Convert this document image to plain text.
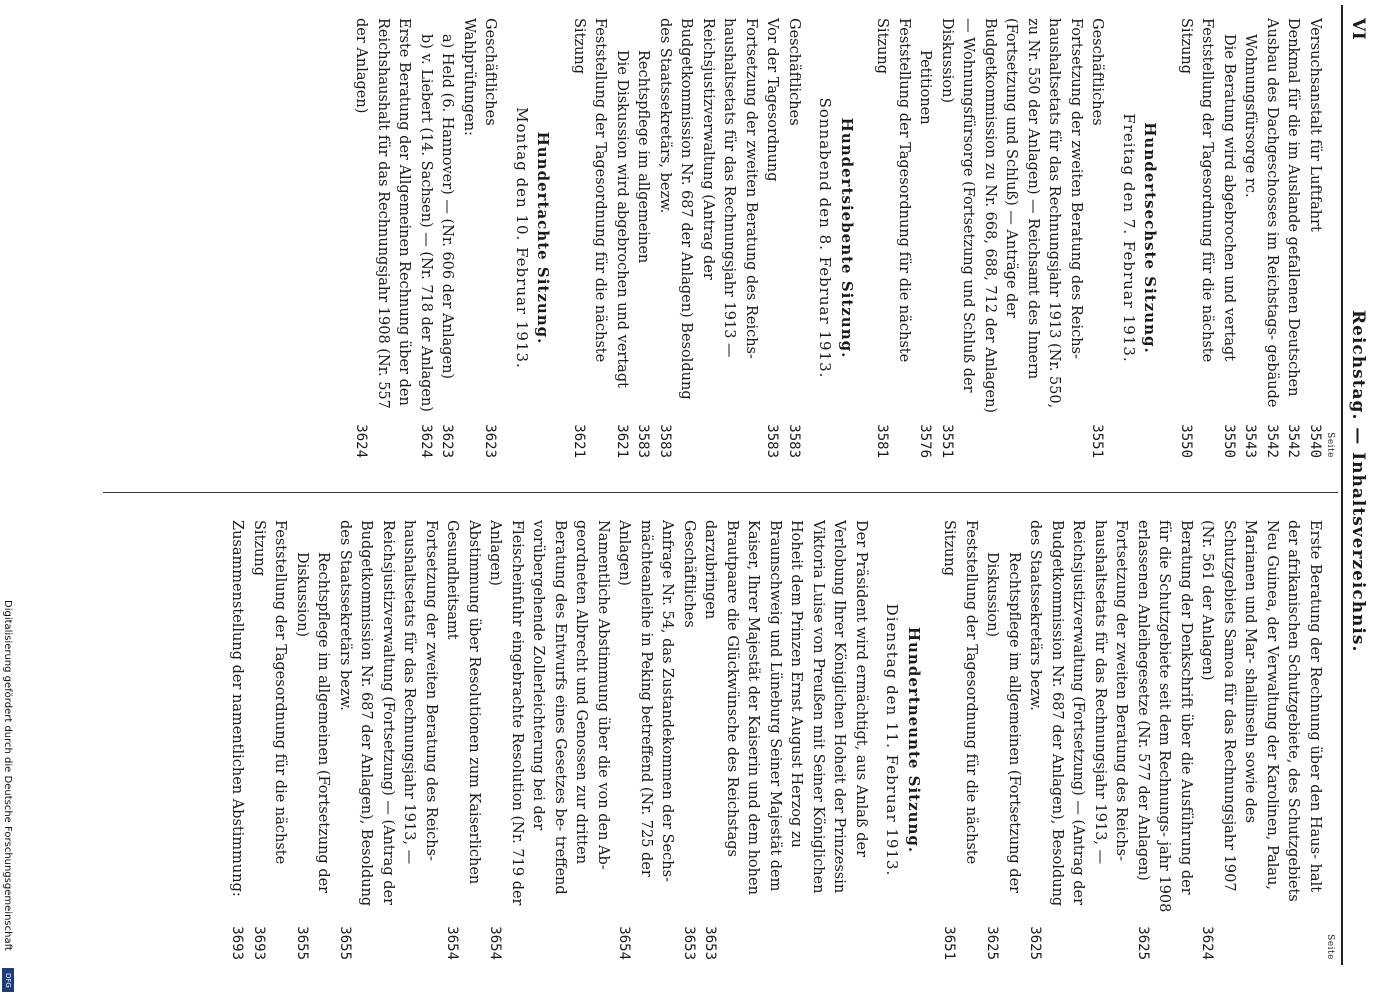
VI
Reichstag. — Inhaltsverzeichnis.
Seite
Versuchsanstalt für Luftfahrt
3540
Denkmal für die im Auslande gefallenen Deutschen
3542
Ausbau des Dachgeschosses im Reichstags- gebäude
3542
Wohnungsfürsorge rc.
3543
Die Beratung wird abgebrochen und vertagt
3550
Feststellung der Tagesordnung für die nächste Sitzung
3550
Hundertsechste Sitzung.
Freitag den 7. Februar 1913.
Geschäftliches
3551
Fortsetzung der zweiten Beratung des Reichs- haushaltsetats für das Rechnungsjahr 1913 (Nr. 550, zu Nr. 550 der Anlagen) — Reichsamt des Innern (Fortsetzung und Schluß) — Anträge der Budgetkommission zu Nr. 668, 688, 712 der Anlagen) — Wohnungsfürsorge (Fortsetzung und Schluß der Diskussion)
3551
Petitionen
3576
Feststellung der Tagesordnung für die nächste Sitzung
3581
Hundertsiebente Sitzung.
Sonnabend den 8. Februar 1913.
Geschäftliches
3583
Vor der Tagesordnung
3583
Fortsetzung der zweiten Beratung des Reichs- haushaltsetats für das Rechnungsjahr 1913 — Reichsjustizverwaltung (Antrag der Budgetkommission Nr. 687 der Anlagen) Besoldung des Staatssekretärs, bezw.
3583
Rechtspflege im allgemeinen
3583
Die Diskussion wird abgebrochen und vertagt
3621
Feststellung der Tagesordnung für die nächste Sitzung
3621
Hundertachte Sitzung.
Montag den 10. Februar 1913.
Geschäftliches
3623
Wahlprüfungen:
a) Held (6. Hannover) — (Nr. 606 der Anlagen)
3623
b) v. Liebert (14. Sachsen) — (Nr. 718 der Anlagen)
3624
Erste Beratung der Allgemeinen Rechnung über den Reichshaushalt für das Rechnungsjahr 1908 (Nr. 557 der Anlagen)
3624
Seite
Erste Beratung der Rechnung über den Haus- halt der afrikanischen Schutzgebiete, des Schutzgebiets Neu Guinea, der Verwaltung der Karolinen, Palau, Marianen und Mar- shallinseln sowie des Schutzgebiets Samoa für das Rechnungsjahr 1907 (Nr. 561 der Anlagen)
3624
Beratung der Denkschrift über die Ausführung der für die Schutzgebiete seit dem Rechnungs- jahr 1908 erlassenen Anleihegesetze (Nr. 577 der Anlagen)
3625
Fortsetzung der zweiten Beratung des Reichs- haushaltsetats für das Rechnungsjahr 1913, — Reichsjustizverwaltung (Fortsetzung) — (Antrag der Budgetkommission Nr. 687 der Anlagen), Besoldung des Staatssekretärs bezw.
3625
Rechtspflege im allgemeinen (Fortsetzung der Diskussion)
3625
Feststellung der Tagesordnung für die nächste Sitzung
3651
Hundertneunte Sitzung.
Dienstag den 11. Februar 1913.
Der Präsident wird ermächtigt, aus Anlaß der Verlobung Ihrer Königlichen Hoheit der Prinzessin Viktoria Luise von Preußen mit Seiner Königlichen Hoheit dem Prinzen Ernst August Herzog zu Braunschweig und Lüneburg Seiner Majestät dem Kaiser, Ihrer Majestät der Kaiserin und dem hohen Brautpaare die Glückwünsche des Reichstags darzubringen
3653
Geschäftliches
3653
Anfrage Nr. 54, das Zustandekommen der Sechs- mächteanleihe in Peking betreffend (Nr. 725 der Anlagen)
3654
Namentliche Abstimmung über die von den Ab- geordneten Albrecht und Genossen zur dritten Beratung des Entwurfs eines Gesetzes be- treffend vorübergehende Zollerleichterung bei der Fleischeinfuhr eingebrachte Resolution (Nr. 719 der Anlagen)
3654
Abstimmung über Resolutionen zum Kaiserlichen Gesundheitsamt
3654
Fortsetzung der zweiten Beratung des Reichs- haushaltsetats für das Rechnungsjahr 1913, — Reichsjustizverwaltung (Fortsetzung) — (Antrag der Budgetkommission Nr. 687 der Anlagen), Besoldung des Staatssekretärs bezw.
3655
Rechtspflege im allgemeinen (Fortsetzung der Diskussion)
3655
Feststellung der Tagesordnung für die nächste Sitzung
3693
Zusammenstellung der namentlichen Abstimmung:
3693
Digitalisierung gefördert durch die Deutsche Forschungsgemeinschaft
DFG
